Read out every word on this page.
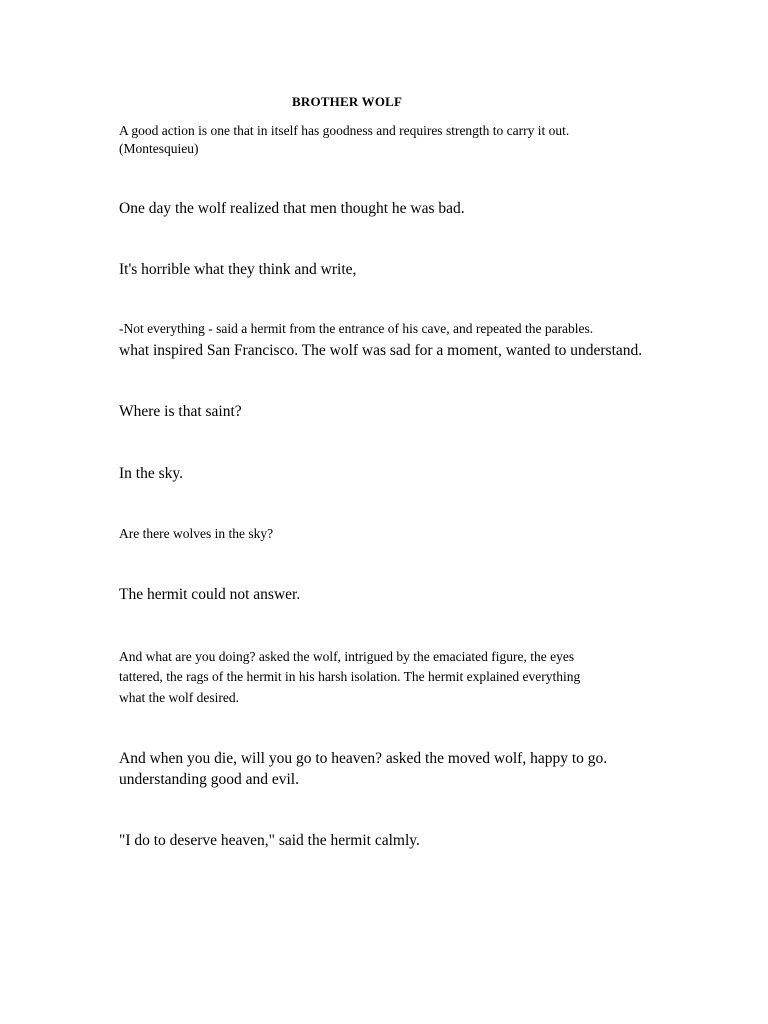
BROTHER WOLF
A good action is one that in itself has goodness and requires strength to carry it out.
(Montesquieu)
One day the wolf realized that men thought he was bad.
It's horrible what they think and write,
-Not everything - said a hermit from the entrance of his cave, and repeated the parables.
what inspired San Francisco. The wolf was sad for a moment, wanted to understand.
Where is that saint?
In the sky.
Are there wolves in the sky?
The hermit could not answer.
And what are you doing? asked the wolf, intrigued by the emaciated figure, the eyes
tattered, the rags of the hermit in his harsh isolation. The hermit explained everything
what the wolf desired.
And when you die, will you go to heaven? asked the moved wolf, happy to go.
understanding good and evil.
"I do to deserve heaven," said the hermit calmly.
